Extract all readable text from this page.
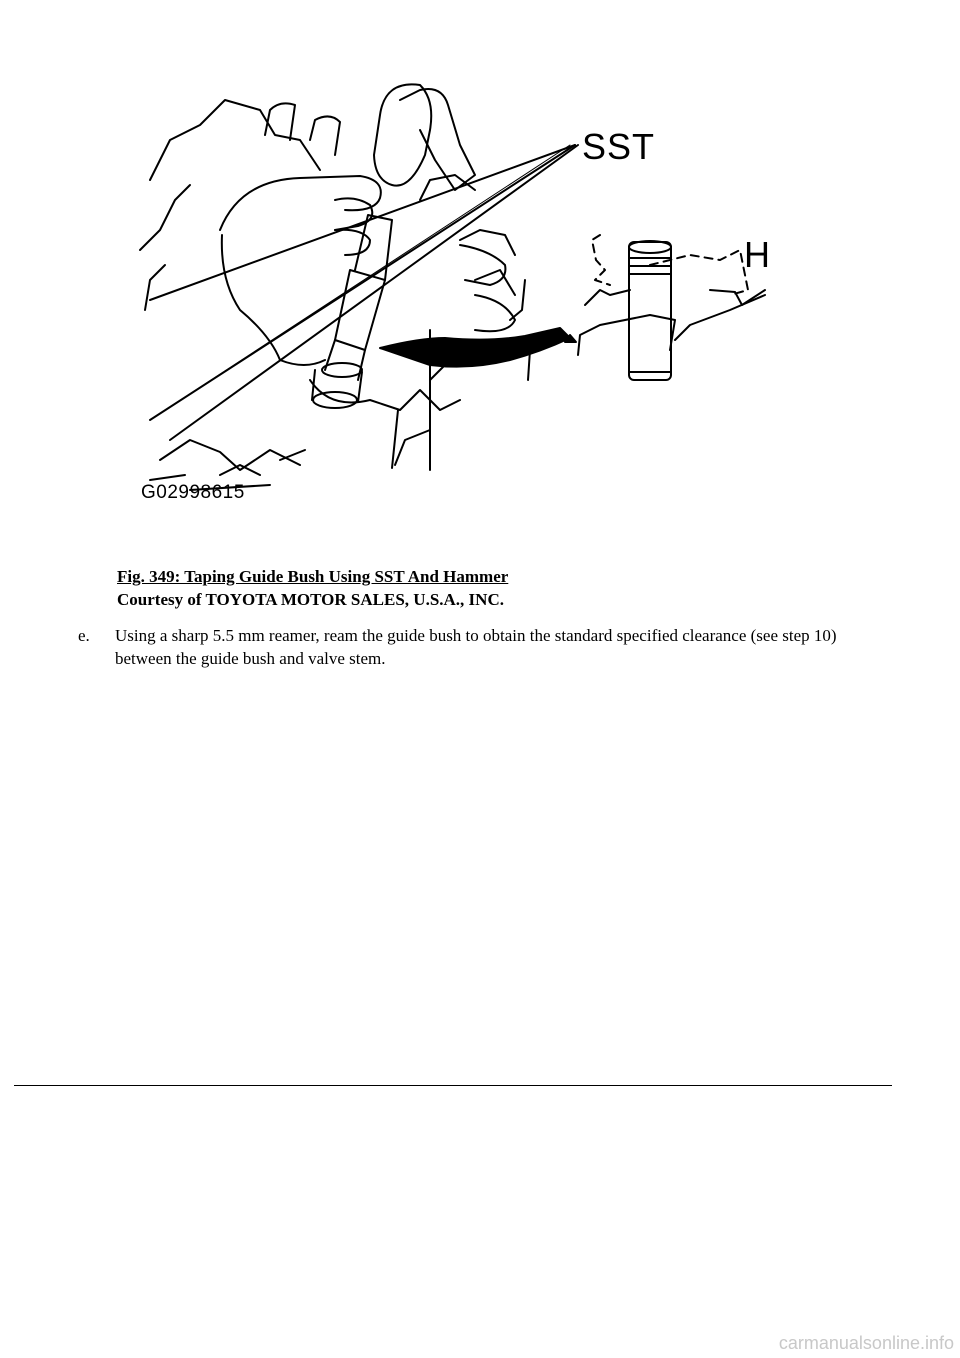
SST
H
G02998615
Fig. 349: Taping Guide Bush Using SST And Hammer
Courtesy of TOYOTA MOTOR SALES, U.S.A., INC.
e. Using a sharp 5.5 mm reamer, ream the guide bush to obtain the standard specified clearance (see step 10) between the guide bush and valve stem.
carmanualsonline.info
